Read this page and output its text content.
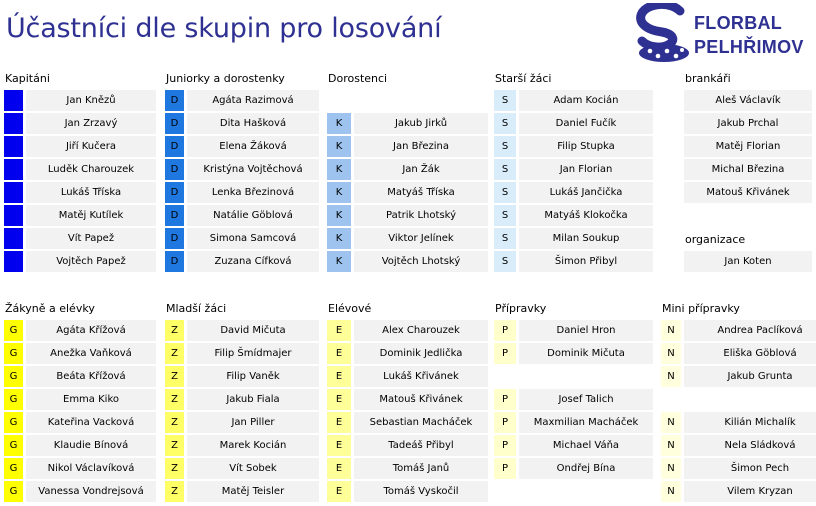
Účastníci dle skupin pro losování	FLORBAL
PELHŘIMOV
Kapitáni
K	Jan Knězů
K	Jan Zrzavý
K	Jiří Kučera
K	Luděk Charouzek
K	Lukáš Tříska
K	Matěj Kutílek
K	Vít Papež
K	Vojtěch Papež
Juniorky a dorostenky
D	Agáta Razimová
D	Dita Hašková
D	Elena Žáková
D	Kristýna Vojtěchová
D	Lenka Březinová
D	Natálie Göblová
D	Simona Samcová
D	Zuzana Cífková
Dorostenci
K	Jakub Jirků
K	Jan Březina
K	Jan Žák
K	Matyáš Tříska
K	Patrik Lhotský
K	Viktor Jelínek
K	Vojtěch Lhotský
Starší žáci
S	Adam Kocián
S	Daniel Fučík
S	Filip Stupka
S	Jan Florian
S	Lukáš Jančička
S	Matyáš Klokočka
S	Milan Soukup
S	Šimon Přibyl
brankáři
Aleš Václavík
Jakub Prchal
Matěj Florian
Michal Březina
Matouš Křivánek
organizace
Jan Koten
Žákyně a elévky
G	Agáta Křížová
G	Anežka Vaňková
G	Beáta Křížová
G	Emma Kiko
G	Kateřina Vacková
G	Klaudie Bínová
G	Nikol Václavíková
G	Vanessa Vondrejsová
Mladší žáci
Z	David Mičuta
Z	Filip Šmídmajer
Z	Filip Vaněk
Z	Jakub Fiala
Z	Jan Piller
Z	Marek Kocián
Z	Vít Sobek
Z	Matěj Teisler
Elévové
E	Alex Charouzek
E	Dominik Jedlička
E	Lukáš Křivánek
E	Matouš Křivánek
E	Sebastian Macháček
E	Tadeáš Přibyl
E	Tomáš Janů
E	Tomáš Vyskočil
Přípravky
P	Daniel Hron
P	Dominik Mičuta
P	Josef Talich
P	Maxmilian Macháček
P	Michael Váňa
P	Ondřej Bína
Mini přípravky
N	Andrea Paclíková
N	Eliška Göblová
N	Jakub Grunta
N	Kilián Michalík
N	Nela Sládková
N	Šimon Pech
N	Vilem Kryzan
